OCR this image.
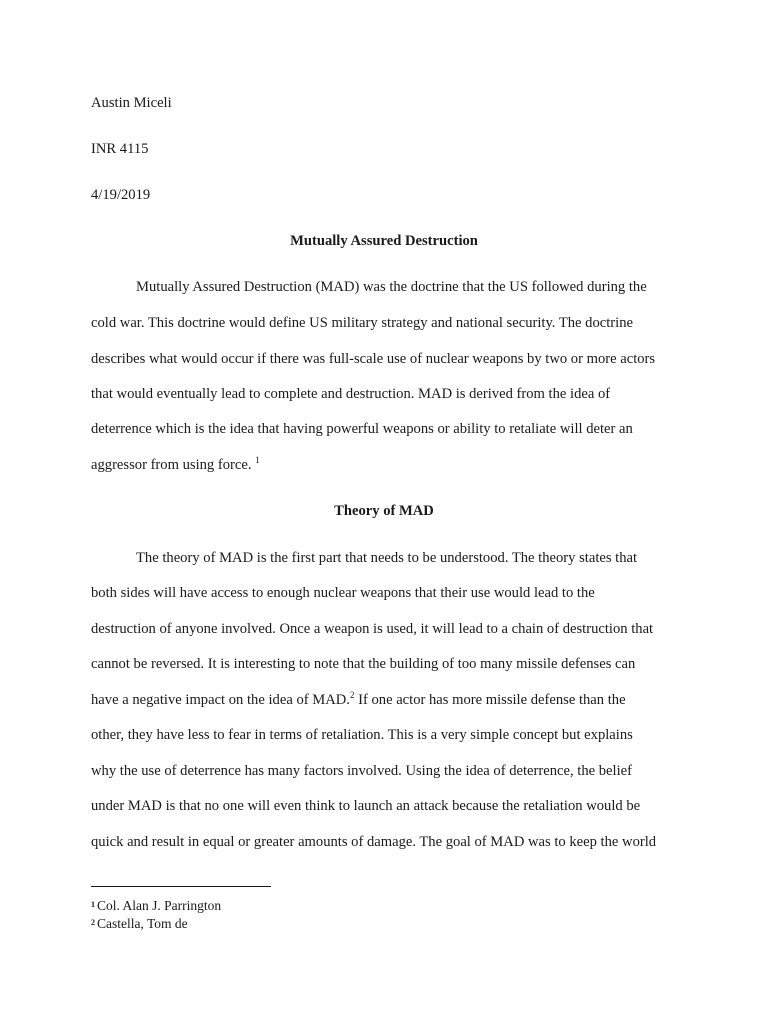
Austin Miceli
INR 4115
4/19/2019
Mutually Assured Destruction
Mutually Assured Destruction (MAD) was the doctrine that the US followed during the
cold war. This doctrine would define US military strategy and national security. The doctrine
describes what would occur if there was full-scale use of nuclear weapons by two or more actors
that would eventually lead to complete and destruction. MAD is derived from the idea of
deterrence which is the idea that having powerful weapons or ability to retaliate will deter an
aggressor from using force. $^1$
Theory of MAD
The theory of MAD is the first part that needs to be understood. The theory states that
both sides will have access to enough nuclear weapons that their use would lead to the
destruction of anyone involved. Once a weapon is used, it will lead to a chain of destruction that
cannot be reversed. It is interesting to note that the building of too many missile defenses can
have a negative impact on the idea of MAD.$^2$ If one actor has more missile defense than the
other, they have less to fear in terms of retaliation. This is a very simple concept but explains
why the use of deterrence has many factors involved. Using the idea of deterrence, the belief
under MAD is that no one will even think to launch an attack because the retaliation would be
quick and result in equal or greater amounts of damage. The goal of MAD was to keep the world
$^1$ Col. Alan J. Parrington
$^2$ Castella, Tom de
